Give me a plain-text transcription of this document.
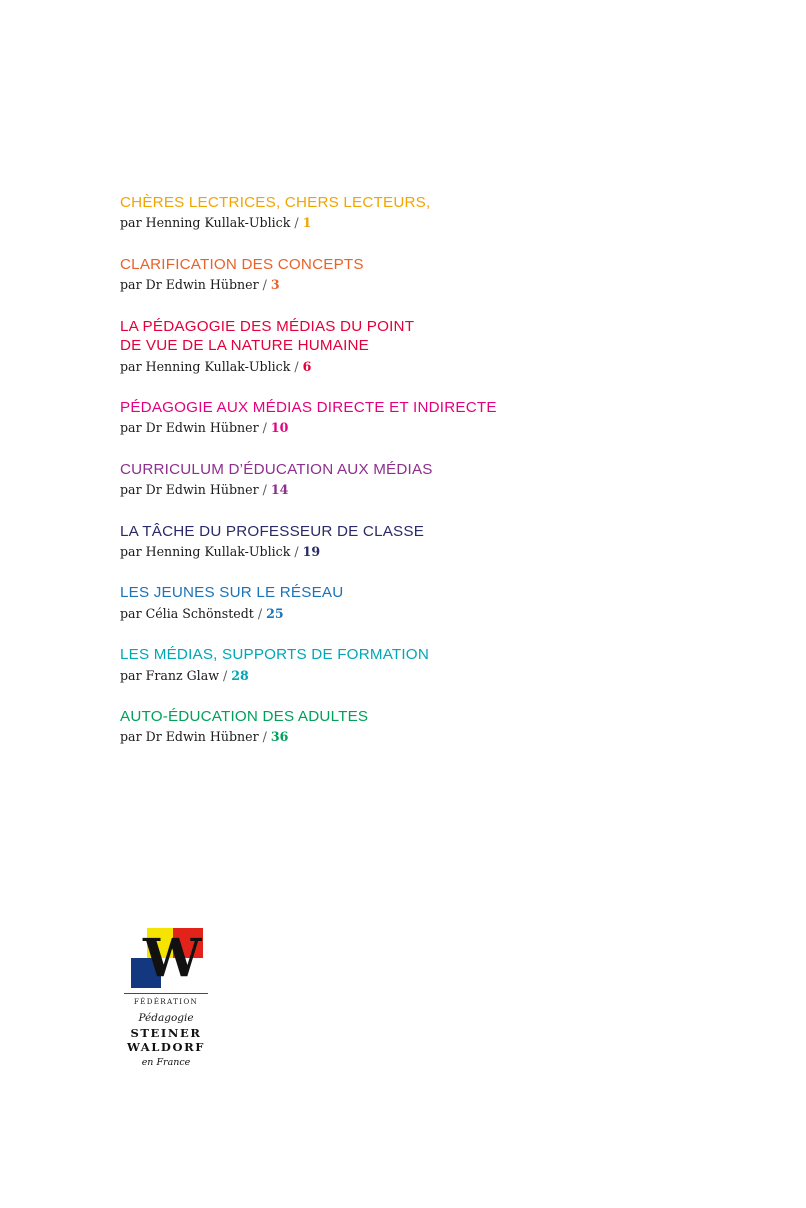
CHÈRES LECTRICES, CHERS LECTEURS,

par Henning Kullak-Ublick / 1

CLARIFICATION DES CONCEPTS

par Dr Edwin Hübner / 3

LA PÉDAGOGIE DES MÉDIAS DU POINT
DE VUE DE LA NATURE HUMAINE

par Henning Kullak-Ublick / 6

PÉDAGOGIE AUX MÉDIAS DIRECTE ET INDIRECTE

par Dr Edwin Hübner / 10

CURRICULUM D’ÉDUCATION AUX MÉDIAS

par Dr Edwin Hübner / 14

LA TÂCHE DU PROFESSEUR DE CLASSE

par Henning Kullak-Ublick / 19

LES JEUNES SUR LE RÉSEAU

par Célia Schönstedt / 25

LES MÉDIAS, SUPPORTS DE FORMATION

par Franz Glaw / 28

AUTO-ÉDUCATION DES ADULTES

par Dr Edwin Hübner / 36

W
FÉDÉRATION
Pédagogie
STEINER
WALDORF
en France
